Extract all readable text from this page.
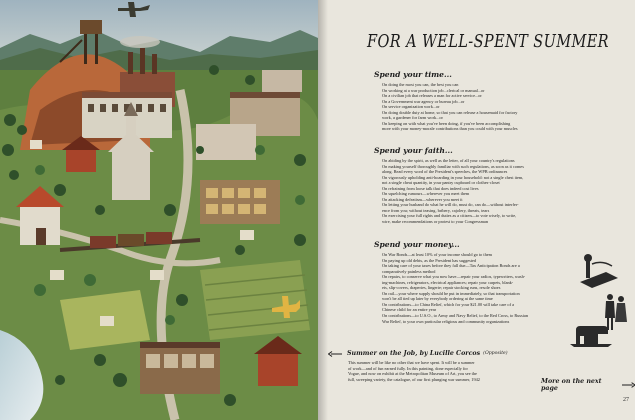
FOR A WELL-SPENT SUMMER
Spend your time...
On doing the most you can, the best you can
On working at a war production job...clerical or manual...or
On a civilian job that releases a man for active service...or
On a Government war agency or bureau job...or
On service organization work...or
On doing double duty at home, so that you can release a housemaid for factory
work, a gardener for farm work...or
On keeping on with what you've been doing, if you've been accomplishing
more with your money-morale contributions than you could with your muscles
Spend your faith...
On abiding by the spirit, as well as the letter, of all your country's regulations
On making yourself thoroughly familiar with such regulations, as soon as it comes
along. Read every word of the President's speeches, the WPB ordinances
On vigorously upholding anti-hoarding in your household: not a single chest item,
not a single cheat quantity, in your pantry cupboard or clothes-closet
On refraining from loose talk that does indeed cost lives
On squelching rumours—wherever you meet them
On attacking defeatism—wherever you meet it
On letting your husband do what he will do, must do, can do—without interfer-
ence from you; without teasing, bribery, cajolery, threats, tears
On exercising your full rights and duties as a citizen—to vote wisely, to write,
wire, make recommendations or protest to your Congressman
Spend your money...
On War Bonds—at least 10% of your income should go to them
On paying up old debts, as the President has suggested
On taking care of your taxes before they fall due—Tax Anticipation Bonds are a
comparatively painless method
On repairs, to conserve what you now have—repair your radios, typewriters, wash-
ing-machines, refrigerators, electrical appliances; repair your carpets, blank-
ets, slip-covers, draperies, lingerie; repair stocking runs, resole shoes
On rail—your where supply should be put in immediately, so that transportation
won't be all tied up later by everybody ordering at the same time
On contributions—to China Relief, which for your $21.00 will take care of a
Chinese child for an entire year
On contributions—to U.S.O., to Army and Navy Relief, to the Red Cross, to Russian
War Relief, to your own particular religious and community organizations
Summer on the Job, by Lucille Corcos (Opposite)
This summer will be like no other that we have spent. It will be a summer
of work—and of fun earned fully. In this painting, done especially for
Vogue, and now on exhibit at the Metropolitan Museum of Art, you see the
full, sweeping variety, the catalogue, of our first plunging war summer, 1942	More on the next page
27
